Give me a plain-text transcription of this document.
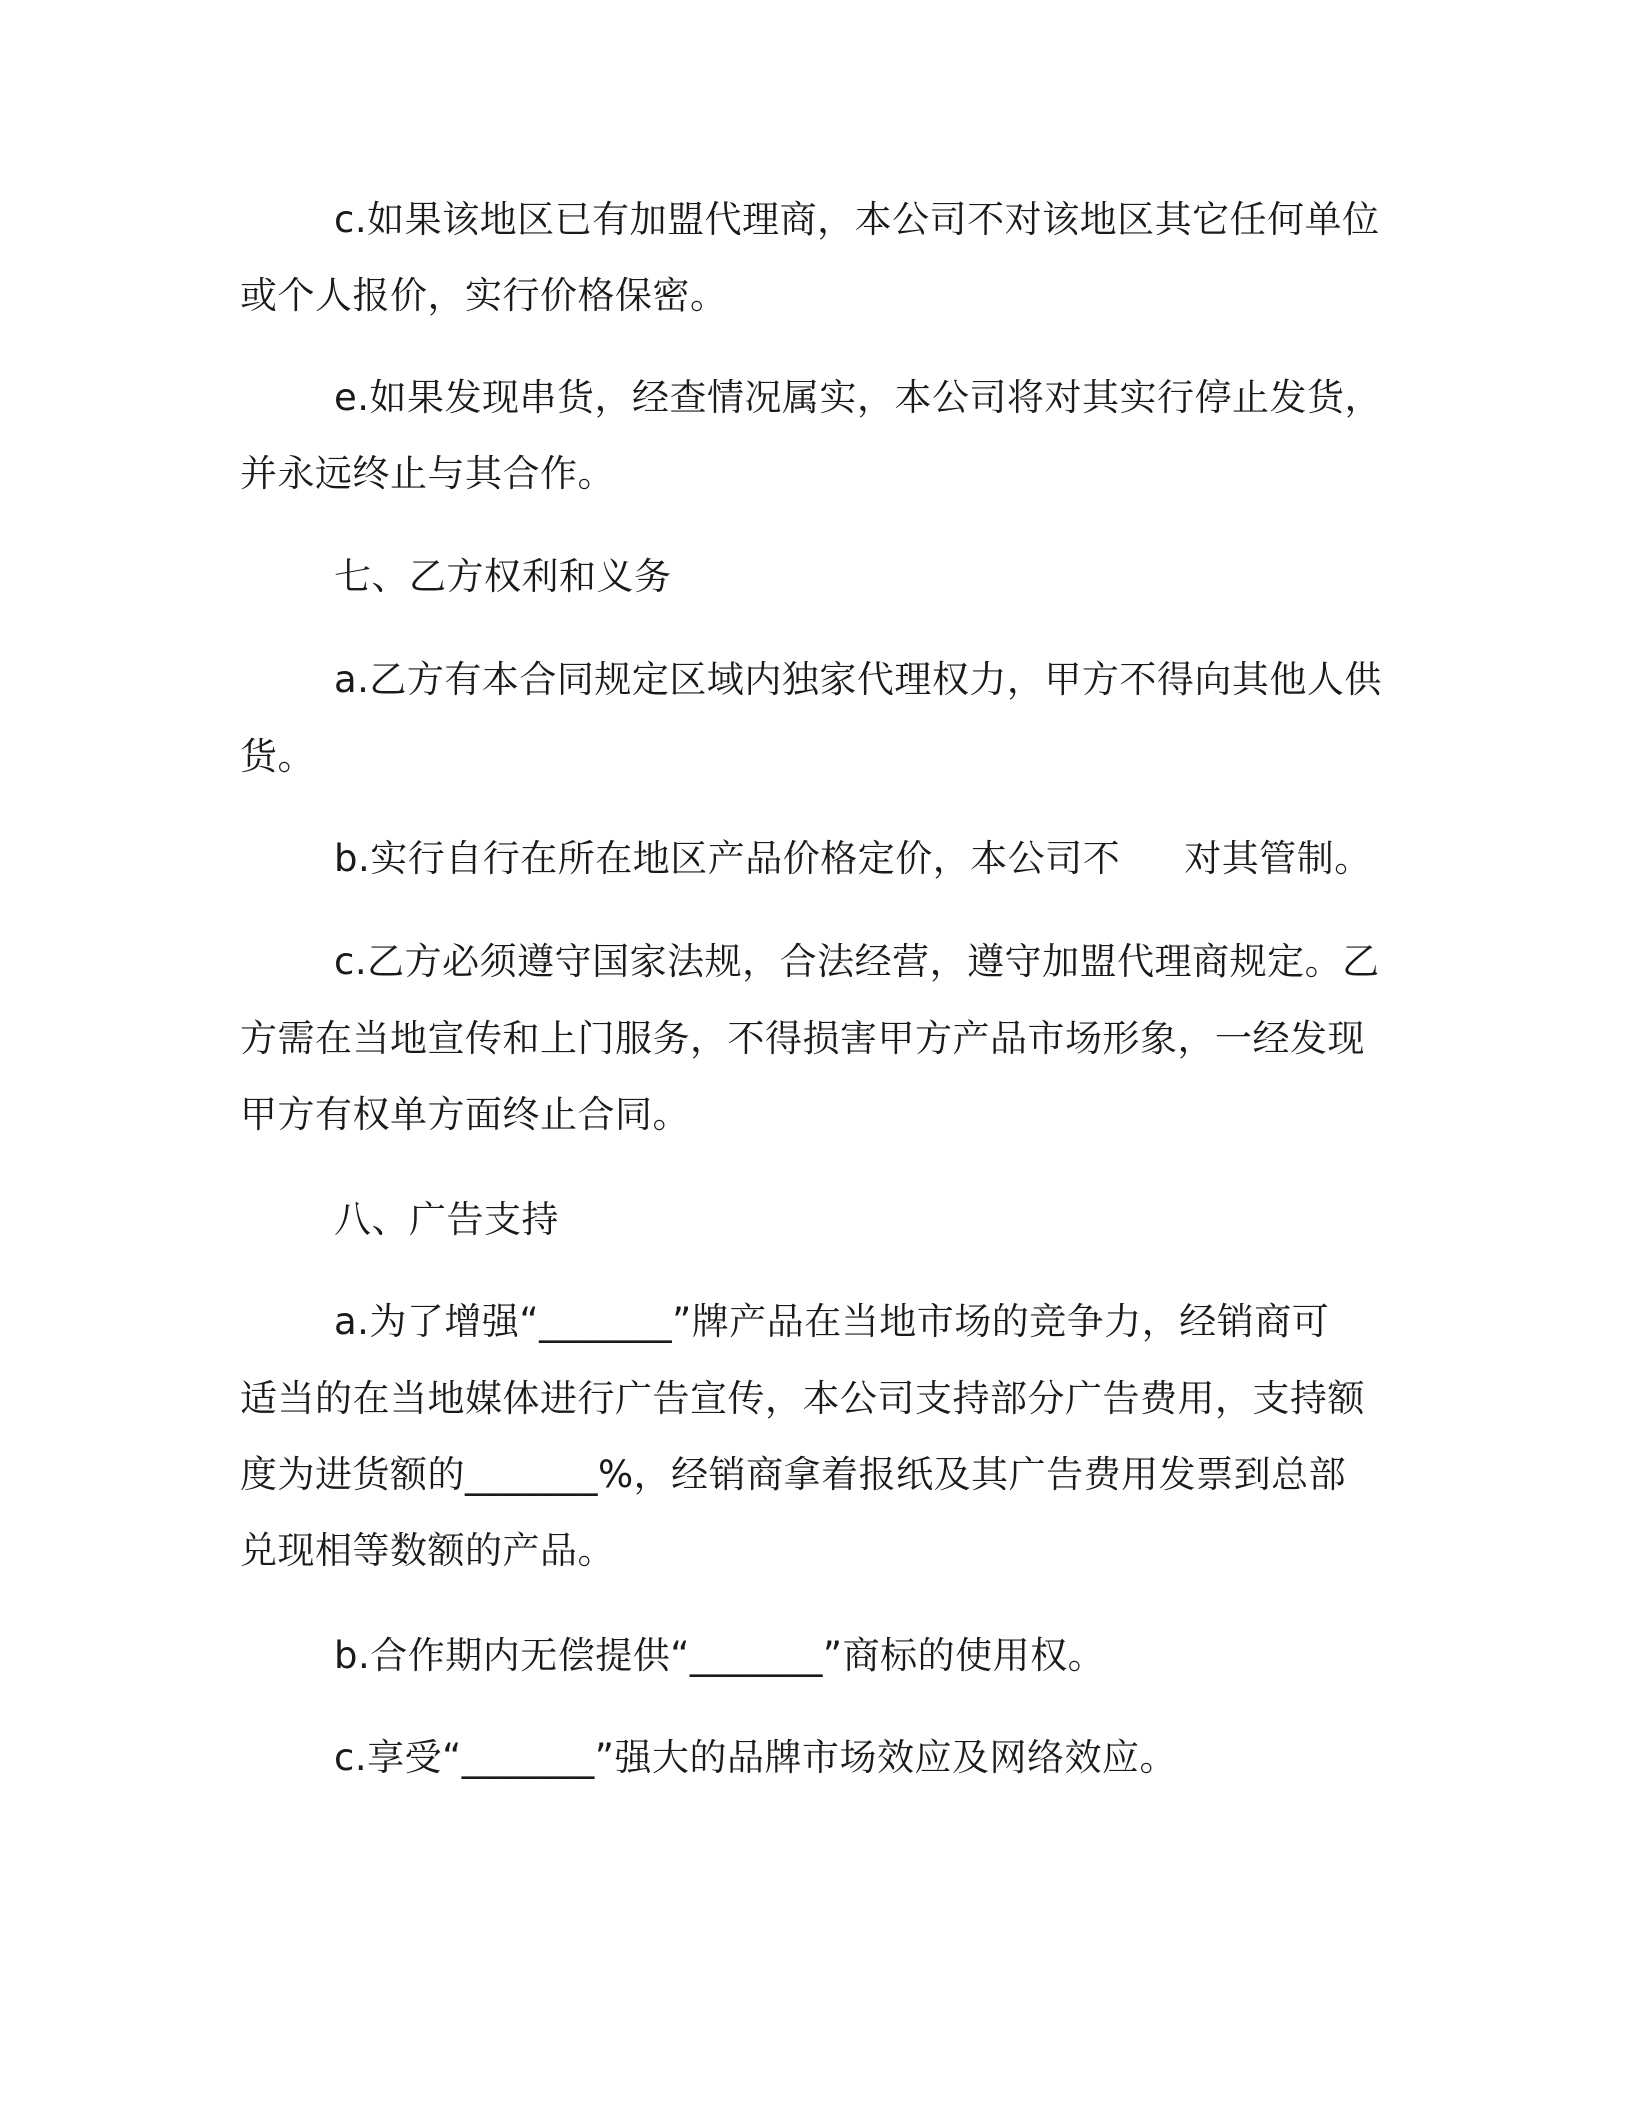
c.如果该地区已有加盟代理商，本公司不对该地区其它任何单位
或个人报价，实行价格保密。
e.如果发现串货，经查情况属实，本公司将对其实行停止发货，
并永远终止与其合作。
七、乙方权利和义务
a.乙方有本合同规定区域内独家代理权力，甲方不得向其他人供
货。
b.实行自行在所在地区产品价格定价，本公司不 对其管制。
c.乙方必须遵守国家法规，合法经营，遵守加盟代理商规定。乙
方需在当地宣传和上门服务，不得损害甲方产品市场形象，一经发现
甲方有权单方面终止合同。
八、广告支持
a.为了增强“_______”牌产品在当地市场的竞争力，经销商可
适当的在当地媒体进行广告宣传，本公司支持部分广告费用，支持额
度为进货额的_______%，经销商拿着报纸及其广告费用发票到总部
兑现相等数额的产品。
b.合作期内无偿提供“_______”商标的使用权。
c.享受“_______”强大的品牌市场效应及网络效应。
